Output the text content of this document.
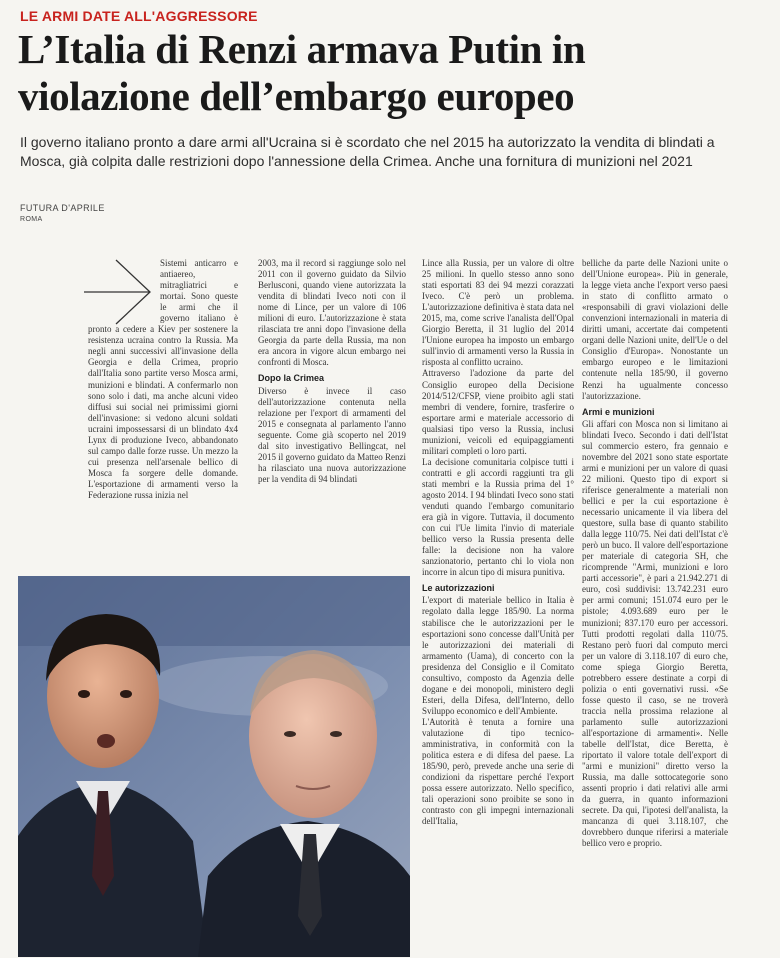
LE ARMI DATE ALL'AGGRESSORE
L’Italia di Renzi armava Putin in violazione dell’embargo europeo

Il governo italiano pronto a dare armi all'Ucraina si è scordato che nel 2015 ha autorizzato la vendita di blindati a Mosca, già colpita dalle restrizioni dopo l'annessione della Crimea. Anche una fornitura di munizioni nel 2021

FUTURA D'APRILE
ROMA

Sistemi anticarro e antiaereo, mitragliatrici e mortai. Sono queste le armi che il governo italiano è pronto a cedere a Kiev per sostenere la resistenza ucraina contro la Russia. Ma negli anni successivi all'invasione della Georgia e della Crimea, proprio dall'Italia sono partite verso Mosca armi, munizioni e blindati. A confermarlo non sono solo i dati, ma anche alcuni video diffusi sui social nei primissimi giorni dell'invasione: si vedono alcuni soldati ucraini impossessarsi di un blindato 4x4 Lynx di produzione Iveco, abbandonato sul campo dalle forze russe. Un mezzo la cui presenza nell'arsenale bellico di Mosca fa sorgere delle domande. L'esportazione di armamenti verso la Federazione russa inizia nel

2003, ma il record si raggiunge solo nel 2011 con il governo guidato da Silvio Berlusconi, quando viene autorizzata la vendita di blindati Iveco noti con il nome di Lince, per un valore di 106 milioni di euro. L'autorizzazione è stata rilasciata tre anni dopo l'invasione della Georgia da parte della Russia, ma non era ancora in vigore alcun embargo nei confronti di Mosca.

Dopo la Crimea

Diverso è invece il caso dell'autorizzazione contenuta nella relazione per l'export di armamenti del 2015 e consegnata al parlamento l'anno seguente. Come già scoperto nel 2019 dal sito investigativo Bellingcat, nel 2015 il governo guidato da Matteo Renzi ha rilasciato una nuova autorizzazione per la vendita di 94 blindati

Lince alla Russia, per un valore di oltre 25 milioni. In quello stesso anno sono stati esportati 83 dei 94 mezzi corazzati Iveco. C'è però un problema. L'autorizzazione definitiva è stata data nel 2015, ma, come scrive l'analista dell'Opal Giorgio Beretta, il 31 luglio del 2014 l'Unione europea ha imposto un embargo sull'invio di armamenti verso la Russia in risposta al conflitto ucraino.

Attraverso l'adozione da parte del Consiglio europeo della Decisione 2014/512/CFSP, viene proibito agli stati membri di vendere, fornire, trasferire o esportare armi e materiale accessorio di qualsiasi tipo verso la Russia, inclusi munizioni, veicoli ed equipaggiamenti militari completi o loro parti.

La decisione comunitaria colpisce tutti i contratti e gli accordi raggiunti tra gli stati membri e la Russia prima del 1° agosto 2014. I 94 blindati Iveco sono stati venduti quando l'embargo comunitario era già in vigore. Tuttavia, il documento con cui l'Ue limita l'invio di materiale bellico verso la Russia presenta delle falle: la decisione non ha valore sanzionatorio, pertanto chi lo viola non incorre in alcun tipo di misura punitiva.

Le autorizzazioni

L'export di materiale bellico in Italia è regolato dalla legge 185/90. La norma stabilisce che le autorizzazioni per le esportazioni sono concesse dall'Unità per le autorizzazioni dei materiali di armamento (Uama), di concerto con la presidenza del Consiglio e il Comitato consultivo, composto da Agenzia delle dogane e dei monopoli, ministero degli Esteri, della Difesa, dell'Interno, dello Sviluppo economico e dell'Ambiente.

L'Autorità è tenuta a fornire una valutazione di tipo tecnico-amministrativa, in conformità con la politica estera e di difesa del paese. La 185/90, però, prevede anche una serie di condizioni da rispettare perché l'export possa essere autorizzato. Nello specifico, tali operazioni sono proibite se sono in contrasto con gli impegni internazionali dell'Italia,

belliche da parte delle Nazioni unite o dell'Unione europea». Più in generale, la legge vieta anche l'export verso paesi in stato di conflitto armato o «responsabili di gravi violazioni delle convenzioni internazionali in materia di diritti umani, accertate dai competenti organi delle Nazioni unite, dell'Ue o del Consiglio d'Europa». Nonostante un embargo europeo e le limitazioni contenute nella 185/90, il governo Renzi ha ugualmente concesso l'autorizzazione.

Armi e munizioni

Gli affari con Mosca non si limitano ai blindati Iveco. Secondo i dati dell'Istat sul commercio estero, fra gennaio e novembre del 2021 sono state esportate armi e munizioni per un valore di quasi 22 milioni. Questo tipo di export si riferisce generalmente a materiali non bellici e per la cui esportazione è necessario unicamente il via libera del questore, sulla base di quanto stabilito dalla legge 110/75. Nei dati dell'Istat c'è però un buco. Il valore dell'esportazione per materiale di categoria SH, che ricomprende "Armi, munizioni e loro parti accessorie", è pari a 21.942.271 di euro, così suddivisi: 13.742.231 euro per armi comuni; 151.074 euro per le pistole; 4.093.689 euro per le munizioni; 837.170 euro per accessori. Tutti prodotti regolati dalla 110/75. Restano però fuori dal computo merci per un valore di 3.118.107 di euro che, come spiega Giorgio Beretta, potrebbero essere destinate a corpi di polizia o enti governativi russi. «Se fosse questo il caso, se ne troverà traccia nella prossima relazione al parlamento sulle autorizzazioni all'esportazione di armamenti». Nelle tabelle dell'Istat, dice Beretta, è riportato il valore totale dell'export di "armi e munizioni" diretto verso la Russia, ma dalle sottocategorie sono assenti proprio i dati relativi alle armi da guerra, in quanto informazioni secrete. Da qui, l'ipotesi dell'analista, la mancanza di quei 3.118.107, che dovrebbero dunque riferirsi a materiale bellico vero e proprio.
